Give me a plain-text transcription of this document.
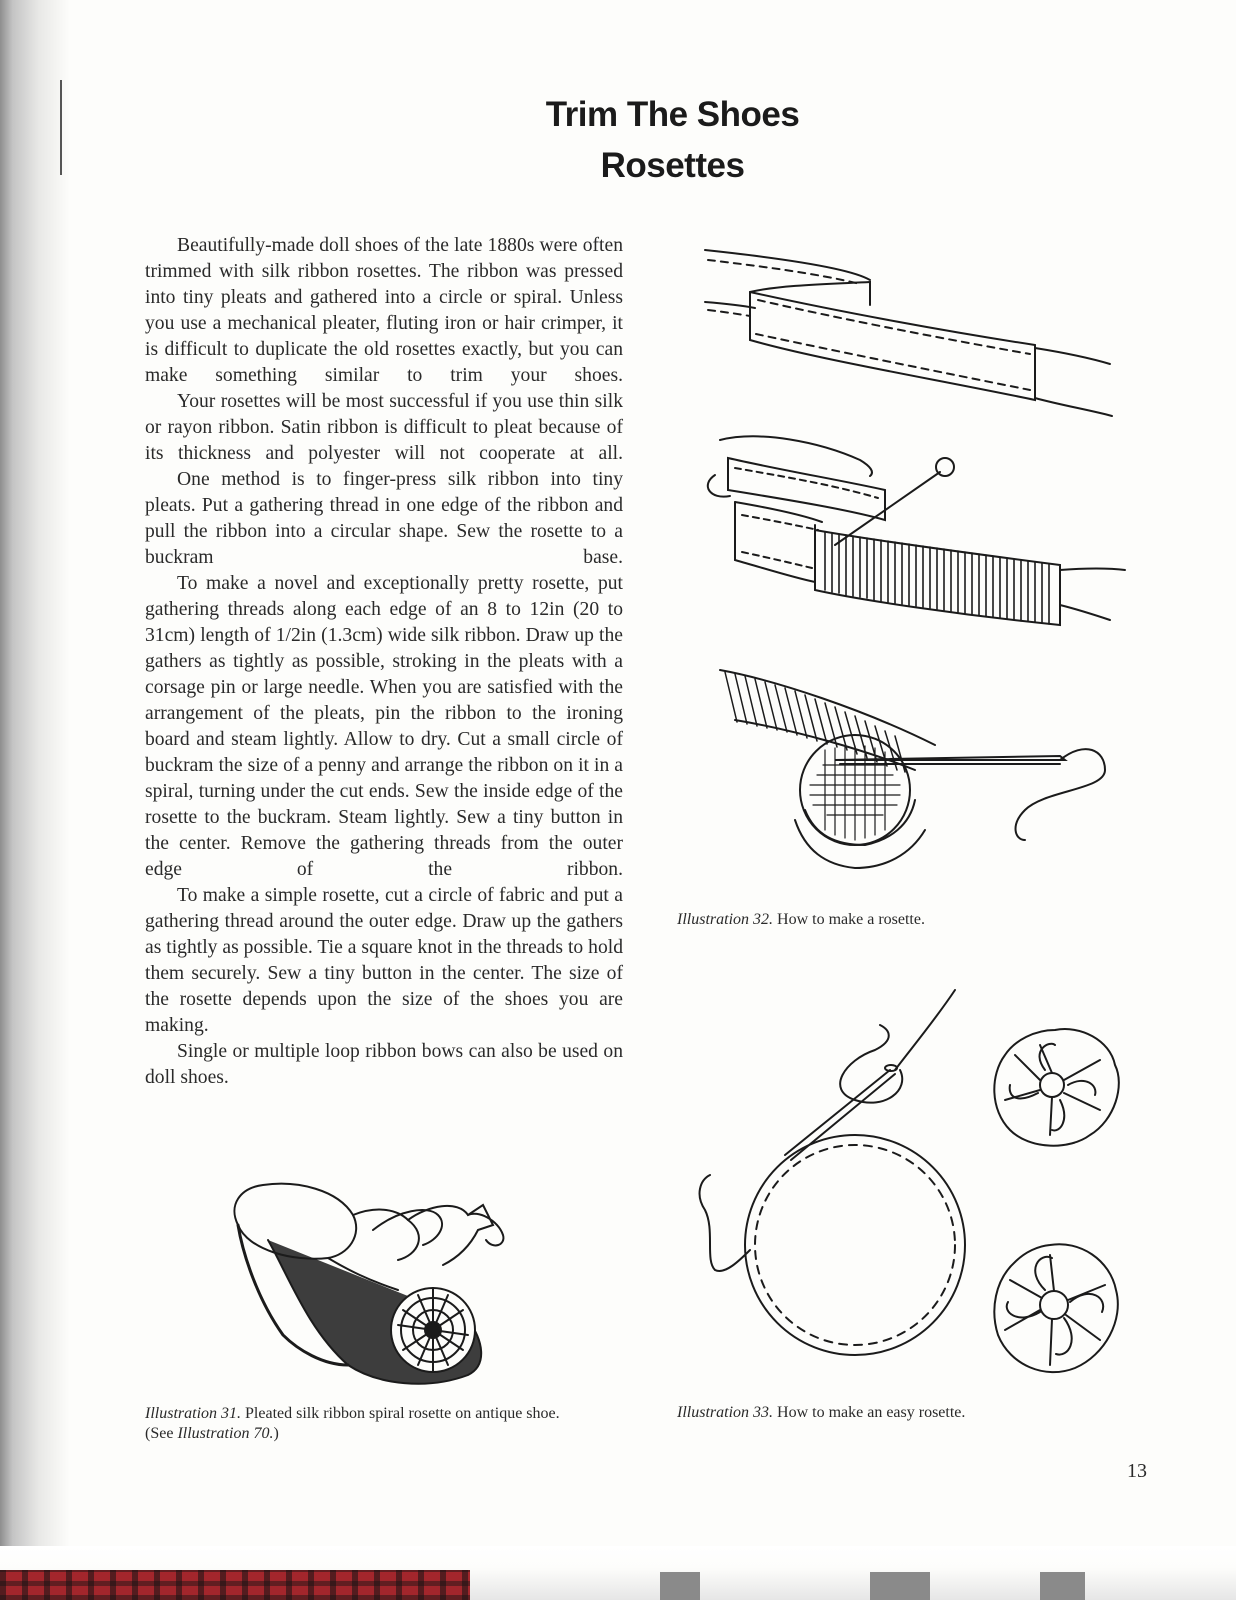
Trim The Shoes
Rosettes

Beautifully-made doll shoes of the late 1880s were often trimmed with silk ribbon rosettes. The ribbon was pressed into tiny pleats and gathered into a circle or spiral. Unless you use a mechanical pleater, fluting iron or hair crimper, it is difficult to duplicate the old rosettes exactly, but you can make something similar to trim your shoes.

Your rosettes will be most successful if you use thin silk or rayon ribbon. Satin ribbon is difficult to pleat because of its thickness and polyester will not cooperate at all.

One method is to finger-press silk ribbon into tiny pleats. Put a gathering thread in one edge of the ribbon and pull the ribbon into a circular shape. Sew the rosette to a buckram base.

To make a novel and exceptionally pretty rosette, put gathering threads along each edge of an 8 to 12in (20 to 31cm) length of 1/2in (1.3cm) wide silk ribbon. Draw up the gathers as tightly as possible, stroking in the pleats with a corsage pin or large needle. When you are satisfied with the arrangement of the pleats, pin the ribbon to the ironing board and steam lightly. Allow to dry. Cut a small circle of buckram the size of a penny and arrange the ribbon on it in a spiral, turning under the cut ends. Sew the inside edge of the rosette to the buckram. Steam lightly. Sew a tiny button in the center. Remove the gathering threads from the outer edge of the ribbon.

To make a simple rosette, cut a circle of fabric and put a gathering thread around the outer edge. Draw up the gathers as tightly as possible. Tie a square knot in the threads to hold them securely. Sew a tiny button in the center. The size of the rosette depends upon the size of the shoes you are making.

Single or multiple loop ribbon bows can also be used on doll shoes.

Illustration 32. How to make a rosette.

Illustration 33. How to make an easy rosette.

Illustration 31. Pleated silk ribbon spiral rosette on antique shoe.
(See Illustration 70.)

13
